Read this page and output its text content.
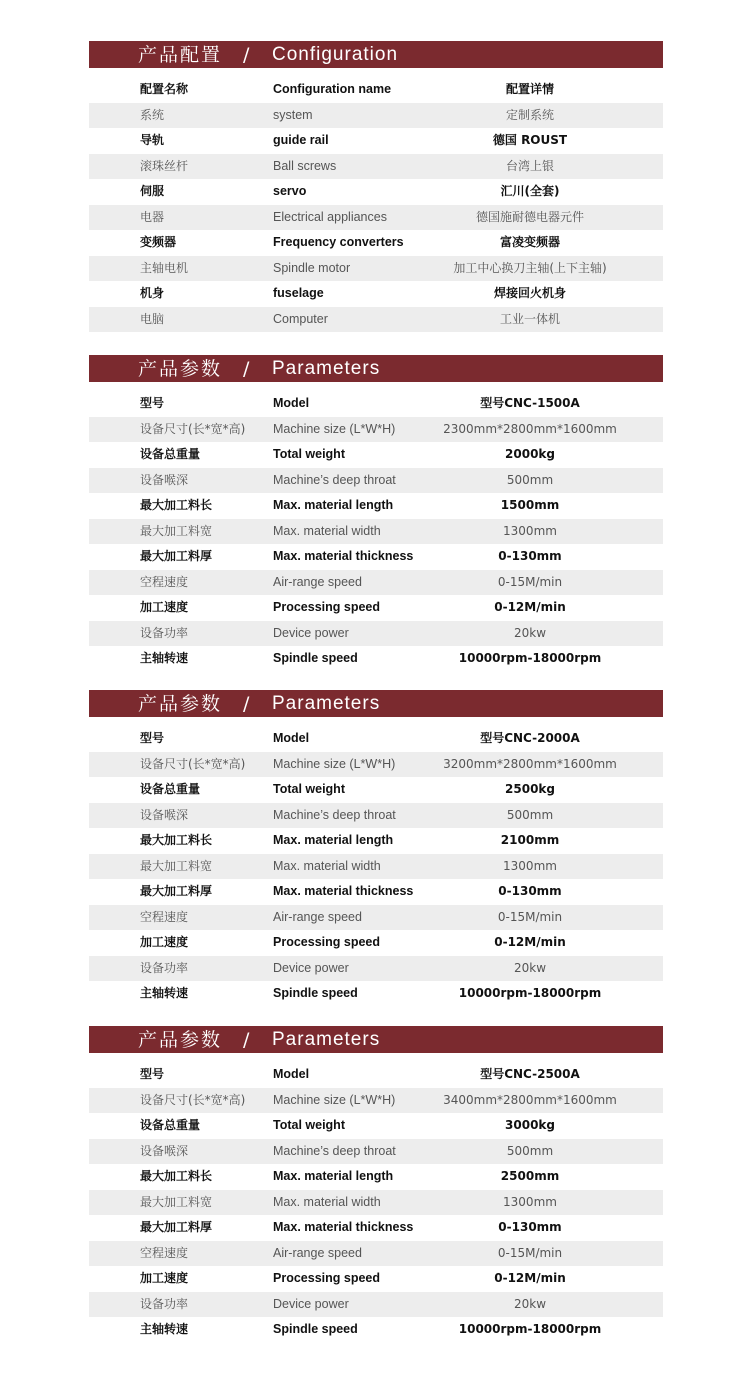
产品配置 / Configuration
配置名称	Configuration name	配置详情
系统	system	定制系统
导轨	guide rail	德国 ROUST
滚珠丝杆	Ball screws	台湾上银
伺服	servo	汇川(全套)
电器	Electrical appliances	德国施耐德电器元件
变频器	Frequency converters	富凌变频器
主轴电机	Spindle motor	加工中心换刀主轴(上下主轴)
机身	fuselage	焊接回火机身
电脑	Computer	工业一体机
产品参数 / Parameters
型号	Model	型号CNC-1500A
设备尺寸(长*宽*高) Machine size (L*W*H)	2300mm*2800mm*1600mm
设备总重量	Total weight	2000kg
设备喉深	Machine’s deep throat	500mm
最大加工料长	Max. material length	1500mm
最大加工料宽	Max. material width	1300mm
最大加工料厚	Max. material thickness	0-130mm
空程速度	Air-range speed	0-15M/min
加工速度	Processing speed	0-12M/min
设备功率	Device power	20kw
主轴转速	Spindle speed	10000rpm-18000rpm
产品参数 / Parameters
型号	Model	型号CNC-2000A
设备尺寸(长*宽*高) Machine size (L*W*H)	3200mm*2800mm*1600mm
设备总重量	Total weight	2500kg
设备喉深	Machine’s deep throat	500mm
最大加工料长	Max. material length	2100mm
最大加工料宽	Max. material width	1300mm
最大加工料厚	Max. material thickness	0-130mm
空程速度	Air-range speed	0-15M/min
加工速度	Processing speed	0-12M/min
设备功率	Device power	20kw
主轴转速	Spindle speed	10000rpm-18000rpm
产品参数 / Parameters
型号	Model	型号CNC-2500A
设备尺寸(长*宽*高) Machine size (L*W*H)	3400mm*2800mm*1600mm
设备总重量	Total weight	3000kg
设备喉深	Machine’s deep throat	500mm
最大加工料长	Max. material length	2500mm
最大加工料宽	Max. material width	1300mm
最大加工料厚	Max. material thickness	0-130mm
空程速度	Air-range speed	0-15M/min
加工速度	Processing speed	0-12M/min
设备功率	Device power	20kw
主轴转速	Spindle speed	10000rpm-18000rpm
